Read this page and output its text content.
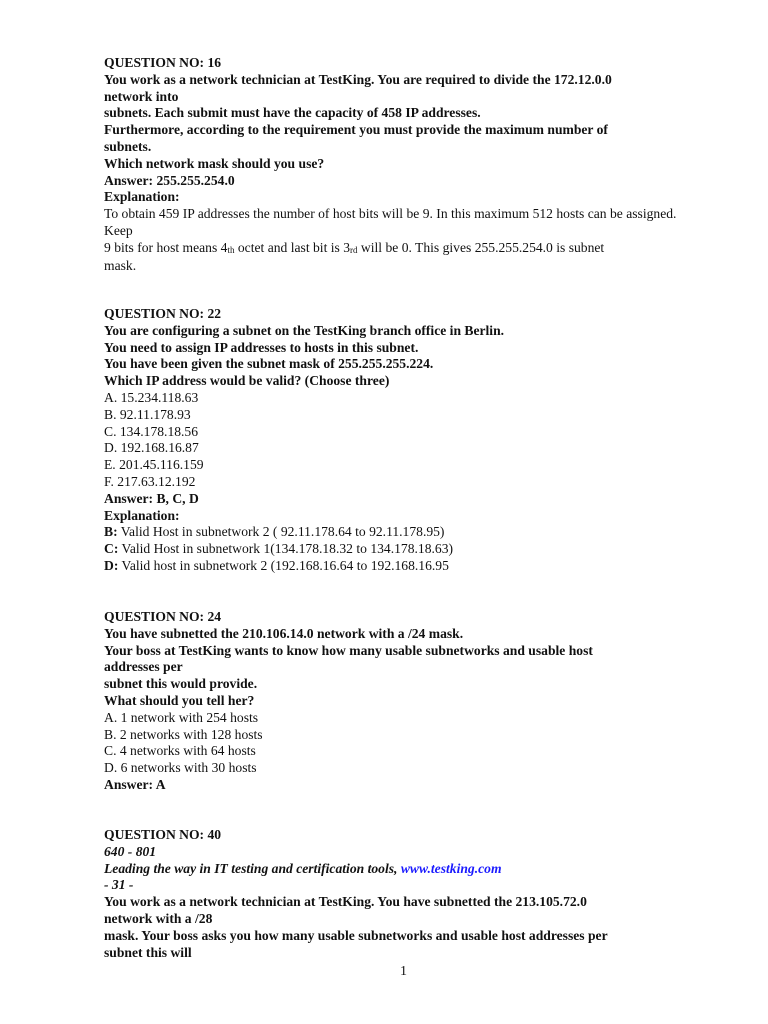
QUESTION NO: 16
You work as a network technician at TestKing. You are required to divide the 172.12.0.0
network into
subnets. Each submit must have the capacity of 458 IP addresses.
Furthermore, according to the requirement you must provide the maximum number of
subnets.
Which network mask should you use?
Answer: 255.255.254.0
Explanation:
To obtain 459 IP addresses the number of host bits will be 9. In this maximum 512 hosts can be assigned. Keep
9 bits for host means $4_{th}$ octet and last bit is $3_{rd}$ will be 0. This gives 255.255.254.0 is subnet
mask.
QUESTION NO: 22
You are configuring a subnet on the TestKing branch office in Berlin.
You need to assign IP addresses to hosts in this subnet.
You have been given the subnet mask of 255.255.255.224.
Which IP address would be valid? (Choose three)
A. 15.234.118.63
B. 92.11.178.93
C. 134.178.18.56
D. 192.168.16.87
E. 201.45.116.159
F. 217.63.12.192
Answer: B, C, D
Explanation:
B: Valid Host in subnetwork 2 ( 92.11.178.64 to 92.11.178.95)
C: Valid Host in subnetwork 1(134.178.18.32 to 134.178.18.63)
D: Valid host in subnetwork 2 (192.168.16.64 to 192.168.16.95
QUESTION NO: 24
You have subnetted the 210.106.14.0 network with a /24 mask.
Your boss at TestKing wants to know how many usable subnetworks and usable host
addresses per
subnet this would provide.
What should you tell her?
A. 1 network with 254 hosts
B. 2 networks with 128 hosts
C. 4 networks with 64 hosts
D. 6 networks with 30 hosts
Answer: A
QUESTION NO: 40
640 - 801
Leading the way in IT testing and certification tools, www.testking.com
- 31 -
You work as a network technician at TestKing. You have subnetted the 213.105.72.0
network with a /28
mask. Your boss asks you how many usable subnetworks and usable host addresses per
subnet this will
1
